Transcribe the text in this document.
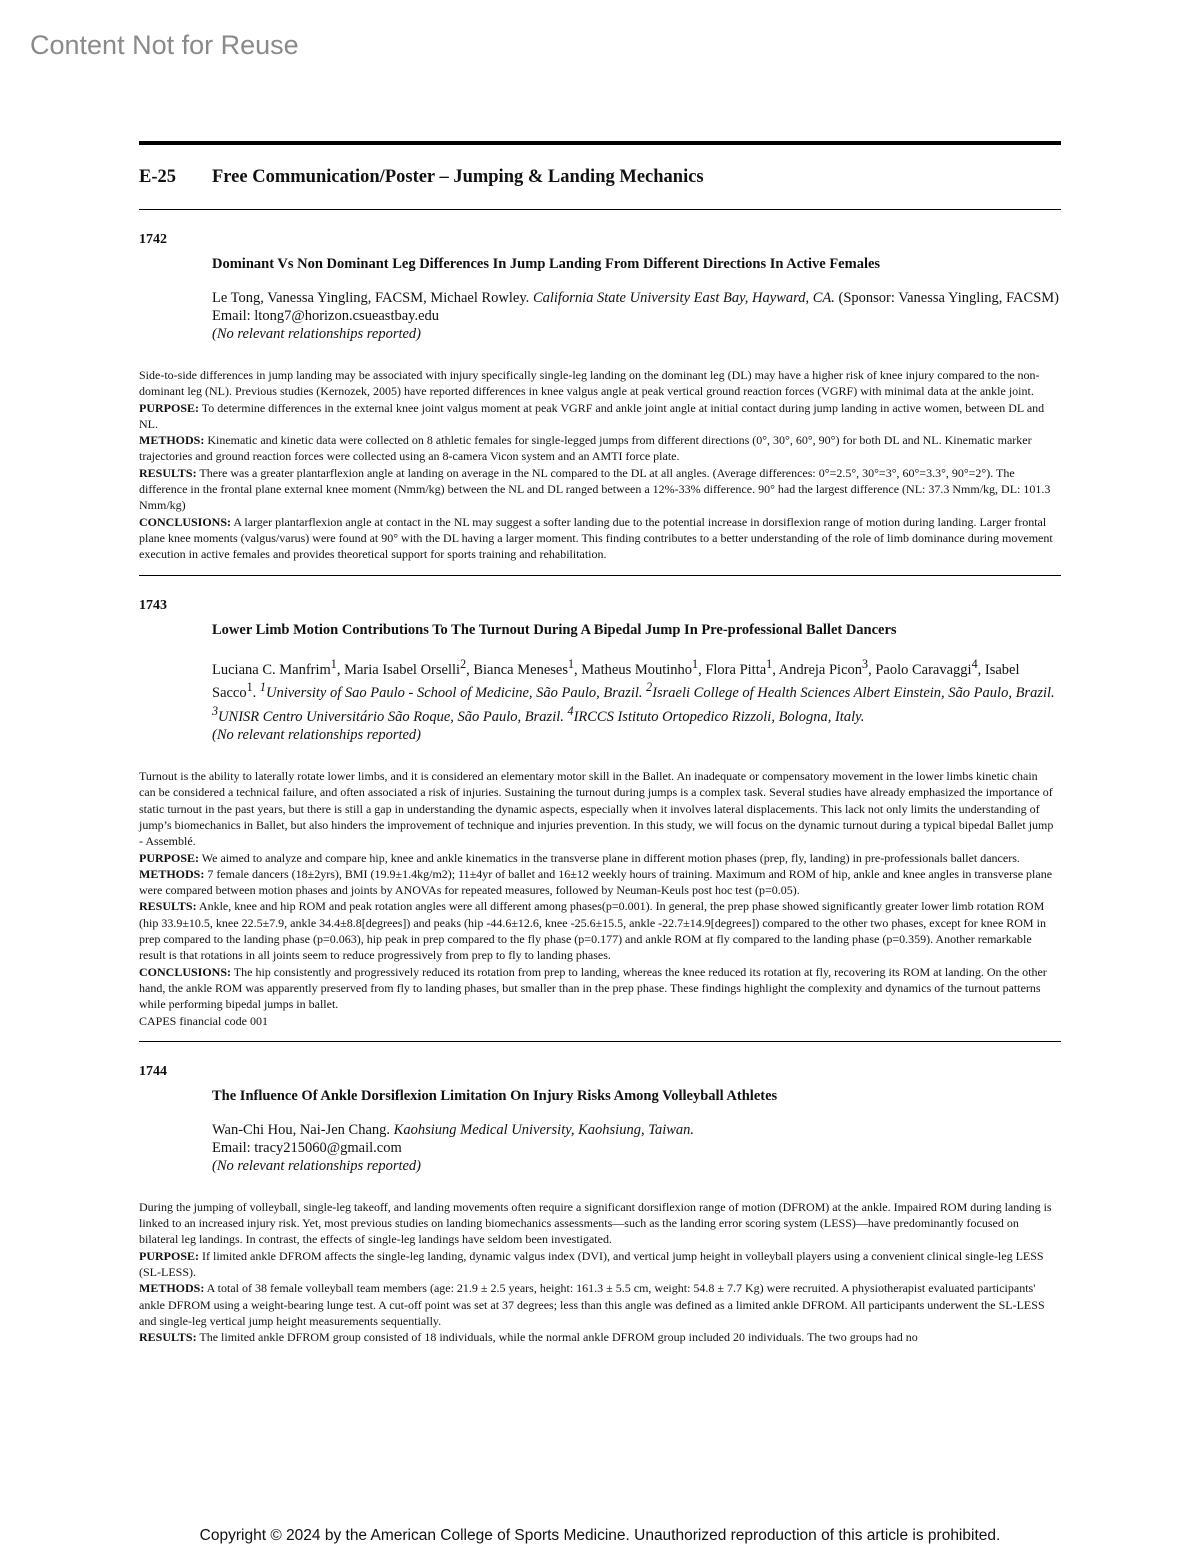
Content Not for Reuse
E-25	Free Communication/Poster – Jumping & Landing Mechanics
1742
Dominant Vs Non Dominant Leg Differences In Jump Landing From Different Directions In Active Females
Le Tong, Vanessa Yingling, FACSM, Michael Rowley. California State University East Bay, Hayward, CA. (Sponsor: Vanessa Yingling, FACSM)
Email: ltong7@horizon.csueastbay.edu
(No relevant relationships reported)

Side-to-side differences in jump landing may be associated with injury specifically single-leg landing on the dominant leg (DL) may have a higher risk of knee injury compared to the non-dominant leg (NL). Previous studies (Kernozek, 2005) have reported differences in knee valgus angle at peak vertical ground reaction forces (VGRF) with minimal data at the ankle joint.

PURPOSE: To determine differences in the external knee joint valgus moment at peak VGRF and ankle joint angle at initial contact during jump landing in active women, between DL and NL.

METHODS: Kinematic and kinetic data were collected on 8 athletic females for single-legged jumps from different directions (0°, 30°, 60°, 90°) for both DL and NL. Kinematic marker trajectories and ground reaction forces were collected using an 8-camera Vicon system and an AMTI force plate.

RESULTS: There was a greater plantarflexion angle at landing on average in the NL compared to the DL at all angles. (Average differences: 0°=2.5°, 30°=3°, 60°=3.3°, 90°=2°). The difference in the frontal plane external knee moment (Nmm/kg) between the NL and DL ranged between a 12%-33% difference. 90° had the largest difference (NL: 37.3 Nmm/kg, DL: 101.3 Nmm/kg)

CONCLUSIONS: A larger plantarflexion angle at contact in the NL may suggest a softer landing due to the potential increase in dorsiflexion range of motion during landing. Larger frontal plane knee moments (valgus/varus) were found at 90° with the DL having a larger moment. This finding contributes to a better understanding of the role of limb dominance during movement execution in active females and provides theoretical support for sports training and rehabilitation.

1743
Lower Limb Motion Contributions To The Turnout During A Bipedal Jump In Pre-professional Ballet Dancers
Luciana C. Manfrim$^1$, Maria Isabel Orselli$^2$, Bianca Meneses$^1$, Matheus Moutinho$^1$, Flora Pitta$^1$, Andreja Picon$^3$, Paolo Caravaggi$^4$, Isabel Sacco$^1$. $^1$University of Sao Paulo - School of Medicine, São Paulo, Brazil. $^2$Israeli College of Health Sciences Albert Einstein, São Paulo, Brazil. $^3$UNISR Centro Universitário São Roque, São Paulo, Brazil. $^4$IRCCS Istituto Ortopedico Rizzoli, Bologna, Italy.
(No relevant relationships reported)

Turnout is the ability to laterally rotate lower limbs, and it is considered an elementary motor skill in the Ballet. An inadequate or compensatory movement in the lower limbs kinetic chain can be considered a technical failure, and often associated a risk of injuries. Sustaining the turnout during jumps is a complex task. Several studies have already emphasized the importance of static turnout in the past years, but there is still a gap in understanding the dynamic aspects, especially when it involves lateral displacements. This lack not only limits the understanding of jump’s biomechanics in Ballet, but also hinders the improvement of technique and injuries prevention. In this study, we will focus on the dynamic turnout during a typical bipedal Ballet jump - Assemblé.

PURPOSE: We aimed to analyze and compare hip, knee and ankle kinematics in the transverse plane in different motion phases (prep, fly, landing) in pre-professionals ballet dancers.

METHODS: 7 female dancers (18±2yrs), BMI (19.9±1.4kg/m2); 11±4yr of ballet and 16±12 weekly hours of training. Maximum and ROM of hip, ankle and knee angles in transverse plane were compared between motion phases and joints by ANOVAs for repeated measures, followed by Neuman-Keuls post hoc test (p=0.05).

RESULTS: Ankle, knee and hip ROM and peak rotation angles were all different among phases(p=0.001). In general, the prep phase showed significantly greater lower limb rotation ROM (hip 33.9±10.5, knee 22.5±7.9, ankle 34.4±8.8[degrees]) and peaks (hip -44.6±12.6, knee -25.6±15.5, ankle -22.7±14.9[degrees]) compared to the other two phases, except for knee ROM in prep compared to the landing phase (p=0.063), hip peak in prep compared to the fly phase (p=0.177) and ankle ROM at fly compared to the landing phase (p=0.359). Another remarkable result is that rotations in all joints seem to reduce progressively from prep to fly to landing phases.

CONCLUSIONS: The hip consistently and progressively reduced its rotation from prep to landing, whereas the knee reduced its rotation at fly, recovering its ROM at landing. On the other hand, the ankle ROM was apparently preserved from fly to landing phases, but smaller than in the prep phase. These findings highlight the complexity and dynamics of the turnout patterns while performing bipedal jumps in ballet.

CAPES financial code 001

1744
The Influence Of Ankle Dorsiflexion Limitation On Injury Risks Among Volleyball Athletes
Wan-Chi Hou, Nai-Jen Chang. Kaohsiung Medical University, Kaohsiung, Taiwan.
Email: tracy215060@gmail.com
(No relevant relationships reported)

During the jumping of volleyball, single-leg takeoff, and landing movements often require a significant dorsiflexion range of motion (DFROM) at the ankle. Impaired ROM during landing is linked to an increased injury risk. Yet, most previous studies on landing biomechanics assessments—such as the landing error scoring system (LESS)—have predominantly focused on bilateral leg landings. In contrast, the effects of single-leg landings have seldom been investigated.

PURPOSE: If limited ankle DFROM affects the single-leg landing, dynamic valgus index (DVI), and vertical jump height in volleyball players using a convenient clinical single-leg LESS (SL-LESS).

METHODS: A total of 38 female volleyball team members (age: 21.9 ± 2.5 years, height: 161.3 ± 5.5 cm, weight: 54.8 ± 7.7 Kg) were recruited. A physiotherapist evaluated participants' ankle DFROM using a weight-bearing lunge test. A cut-off point was set at 37 degrees; less than this angle was defined as a limited ankle DFROM. All participants underwent the SL-LESS and single-leg vertical jump height measurements sequentially.

RESULTS: The limited ankle DFROM group consisted of 18 individuals, while the normal ankle DFROM group included 20 individuals. The two groups had no

Copyright © 2024 by the American College of Sports Medicine. Unauthorized reproduction of this article is prohibited.
